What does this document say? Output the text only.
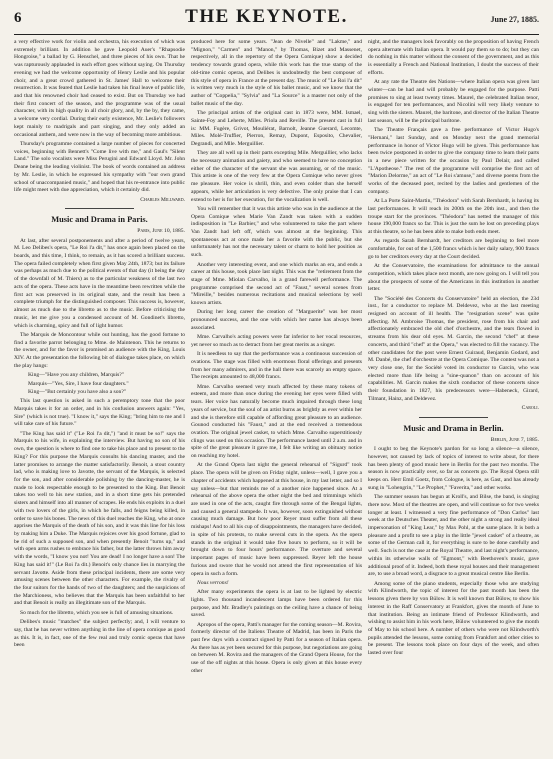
6	THE KEYNOTE.	June 27, 1885.

a very effective work for violin and orchestra, his execution of which was extremely brilliant. In addition he gave Leopold Auer's "Rhapsodie Hongroise," a ballad by G. Henschel, and three pieces of his own. That he was rapturously applauded in each effort goes without saying. On Thursday evening we had the welcome opportunity of Henry Leslie and his popular choir, and a great crowd gathered in St. James' Hall to welcome their resurrection. It was feared that Leslie had taken his final leave of public life, and that his renowned choir had ceased to exist. But on Thursday we had their first concert of the season, and the programme was of the usual character, with its high quality in all choir glory, and, by the by, they came, a welcome very cordial. During their early existence, Mr. Leslie's followers kept mainly to madrigals and part singing, and they only added an occasional anthem, and were now in the way of becoming more ambitious.

Thursday's programme contained a large number of pieces for concerted voices, beginning with Bennett's "Come live with me," and Gaul's "Silent Land." The solo vocalists were Miss Perugini and Edward Lloyd. Mr. John Deane being the leading violinist. The book of words contained an address by Mr. Leslie, in which he expressed his sympathy with "our own grand school of unaccompanied music," and hoped that his re-entrance into public life might meet with due appreciation, which it certainly did.

Charles Millward.

Music and Drama in Paris.

Paris, June 10, 1885.

At last, after several postponements and after a period of twelve years, M. Leo Delibes's opera, "Le Roi l'a dit," has once again been placed on the boards, and this time, I think, to remain, as it has scored a brilliant success. The opera failed completely when first given May 24th, 1873; but its failure was perhaps as much due to the political events of that day (it being the day of the downfall of M. Thiers) as to the particular weakness of the last two acts of the opera. These acts have in the meantime been rewritten while the first act was preserved in its original state, and the result has been a complete triumph for the distinguished composer. This success is, however, almost as much due to the libretto as to the music. Before criticising the music, let me give you a condensed account of M. Gondinet's libretto, which is charming, spicy and full of light humor.

The Marquis de Moncontour while out hunting, has the good fortune to find a favorite parrot belonging to Mme. de Maintenon. This he returns to the owner, and for the favor is promised an audience with the King, Louis XIV. At the presentation the following bit of dialogue takes place, on which the play hangs:

King—"Have you any children, Marquis?"

Marquis—"Yes, Sire, I have four daughters."

King—"But certainly you have also a son?"

This last question is asked in such a peremptory tone that the poor Marquis takes it for an order, and in his confusion answers again: "Yes, Sire" (which is not true). "I know it," says the King; "bring him to me and I will take care of his future."

"The King has said it" ("Le Roi l'a dit,") "and it must be so!" says the Marquis to his wife, in explaining the interview. But having no son of his own, the question is where to find one to take his place and to present to the King? For this purpose the Marquis consults his dancing master, and the latter promises to arrange the matter satisfactorily. Benoit, a stout country lad, who is making love to Javotte, the servant of the Marquis, is selected for the son, and after considerable polishing by the dancing-master, he is made to look respectable enough to be presented to the King. But Benoit takes too well to his new station, and in a short time gets his pretended sisters and himself into all manner of scrapes. He ends his exploits in a duel with two lovers of the girls, in which he falls, and feigns being killed, in order to save his bones. The news of this duel reaches the King, who at once apprises the Marquis of the death of his son, and it was this line for his loss by making him a Duke. The Marquis rejoices over his good fortune, glad to be rid of such a supposed son, and when presently Benoit "turns up," and with open arms rushes to embrace his father, but the latter throws him away with the words, "I know you not! You are dead! I no longer have a son! The King has said it!" (Le Roi l'a dit.) Benoit's only chance lies in marrying the servant Javotte. Aside from these principal incidents, there are some very amusing scenes between the other characters. For example, the rivalry of the four suitors for the hands of two of the daughters; and the suspicions of the Marchioness, who believes that the Marquis has been unfaithful to her and that Benoit is really an illegitimate son of the Marquis.

So much for the libretto, which you see is full of amusing situations.

Delibes's music "matches" the subject perfectly; and, I will venture to say, that he has never written anything in the line of opera comique as good as this. It is, in fact, one of the few real and truly comic operas that have been

produced here for some years. "Jean de Nivelle" and "Lakme," and "Mignon," "Carmen" and "Manon," by Thomas, Bizet and Massenet, respectively, all in the repertory of the Opera Comique) show a decided tendency towards grand opera, while this work has the true stamp of the old-time comic operas, and Delibes is undoubtedly the best composer of this style of opera in France at the present day. The music of "Le Roi l'a dit" is written very much in the style of his ballet music, and we know that the author of "Coppelia," "Sylvia" and "La Source" is a master not only of the ballet music of the day.

The principal artists of the original cast in 1873 were, MM. Ismael, Sainte-Foy and Leherte, Miles. Priola and Reville. The present cast in full is: MM. Fugère, Grivot, Mouliérat, Barnolt, Jeanne Guerard, Lecomte, Miles. Molé-Truffier, Pierron, Remay, Dupont, Esposito, Chevalier, Degrandi, and Mlle. Merguillier.

They are all well up in their parts excepting Mile. Merguillier, who lacks the necessary animation and gaiety, and who seemed to have no conception either of the character of the servant she was assuming, or of the music. This artiste is one of the very few at the Opera Comique who never gives me pleasure. Her voice is shrill, thin, and even colder than she herself appears, while her articulation is very defective. The only praise that I can extend to her is for her execution, for the vocalization is well.

You will remember that it was this artiste who was in the audience at the Opera Comique when Marie Van Zandt was taken with a sudden indisposition in "Le Barbier," and who volunteered to take the part where Van Zandt had left off, which was almost at the beginning. This spontaneous act at once made her a favorite with the public, but she unfortunately has not the necessary talent or charm to hold her position as such.

Another very interesting event, and one which marks an era, and ends a career at this house, took place last night. This was the "retirement from the stage of Mme. Miolan Carvalho, in a grand farewell performance. The programme comprised the second act of "Faust," several scenes from "Mireille," besides numerous recitations and musical selections by well known artists.

During her long career the creation of "Marguerite" was her most pronounced success, and the one with which her name has always been associated.

Mme. Carvalho's acting powers were far inferior to her vocal resources, yet never so much as to detract from her great merits as a singer.

It is needless to say that the performance was a continuous succession of ovations. The stage was filled with enormous floral offerings and presents from her many admirers, and in the hall there was scarcely an empty space. The receipts amounted to 48,000 francs.

Mme. Carvalho seemed very much affected by these many tokens of esteem, and more than once during the evening her eyes were filled with tears. Her voice has naturally become much impaired through these long years of service, but the soul of an artist burns as brightly as ever within her and she is therefore still capable of affording great pleasure to an audience. Gounod conducted his "Faust," and at the end received a tremendous ovation. The original jewel casket, to which Mme. Carvalho superstitiously clings was used on this occasion. The performance lasted until 2 a.m. and in spite of the great pleasure it gave me, I felt like writing an obituary notice on reaching my hotel.

At the Grand Opera last night the general rehearsal of "Sigurd" took place. The opera will be given on Friday night, unless—well, I gave you a chapter of accidents which happened at this house, in my last letter, and so I say unless—but that reminds me of a another nice happened since. At a rehearsal of the above opera the other night the bed and trimmings which are used in one of the acts, caught fire through some of the Bengal lights, and caused a general stampede. It was, however, soon extinguished without causing much damage. But how poor Reyer must suffer from all these mishaps! And to all his cup of disappointments, the managers have decided, in spite of his protests, to make several cuts in the opera. As the opera stands in the original it would take five hours to perform, so it will be brought down to four hours' performance. The overture and several important pages of music have been suppressed. Reyer left the house furious and swore that he would not attend the first representation of his opera in such a form.

Nous verrons!

After many experiments the opera is at last to be lighted by electric lights. Two thousand incandescent lamps have been ordered for this purpose, and Mr. Bradley's paintings on the ceiling have a chance of being saved.

Apropos of the opera, Patti's manager for the coming season—M. Rovira, formerly director of the Italiens Theatre of Madrid, has been in Paris the past few days with a contract signed by Patti for a season of Italian opera. As there has as yet been secured for this purpose, but negotiations are going on between M. Rovira and the managers of the Grand Opera House, for the use of the off nights at this house. Opera is only given at this house every other

night, and the managers look favorably on the proposition of having French opera alternate with Italian opera. It would pay them so to do; but they can do nothing in this matter without the consent of the government, and as this is essentially a French and National Institution, I doubt the success of their efforts.

At any rate the Theatre des Nations—where Italian opera was given last winter—can be had and will probably be engaged for the purpose. Patti promises to sing at least twenty times. Maurel, the celebrated Italian tenor, is engaged for ten performances, and Nicolini will very likely venture to sing with the sisters. Maurel, the baritone, and director of the Italian Theatre last season, will be the principal baritone.

The Theatre Français gave a free performance of Victor Hugo's "Hernani," last Sunday, and on Monday next the grand memorial performance in honor of Victor Hugo will be given. This performance has been twice postponed in order to give the company time to learn their parts in a new piece written for the occasion by Paul Delair, and called "L'Apotheose." The rest of the programme will comprise the first act of "Marion Delorme," an act of "Le Roi s'amuse," and diverse poems from the works of the deceased poet, recited by the ladies and gentlemen of the company.

At La Porte Saint-Martin, "Théodora" with Sarah Bernhardt, is having its last performances. It will reach its 200th on the 20th inst., and then the troupe start for the provinces. "Théodora" has netted the manager of this house 190,000 francs so far. This is just the sum he lost on preceding plays at this theatre, so he has been able to make both ends meet.

As regards Sarah Bernhardt, her creditors are beginning to feel more comfortable, for out of the 1,500 francs which is her daily salary, 900 francs go to her creditors every day at the Court decided.

At the Conservatoire, the examinations for admittance to the annual competition, which takes place next month, are now going on. I will tell you about the prospects of some of the Americans in this institution in another letter.

The "Société des Concerts du Conservatoire" held an election, the 23d inst., for a conductor to replace M. Deldevez, who at the last meeting resigned on account of ill health. The "resignation scene" was quite affecting. M. Ambroise Thomas, the president, rose from his chair and affectionately embraced the old chef d'orchestre, and the tears flowed in streams from his dear old eyes. M. Garcin, the second "chef" at these concerts, and third "chef" at the Opera," was elected to fill the vacancy. The other candidates for the post were Ernest Guiraud, Benjamin Godard, and M. Danbé, the chef d'orchestre at the Opera Comique. The contest was not a very close one, for the Société voted its conductor to Garcin, who was elected more than life being a "sine-quanon" than on account of his capabilities. M. Garcin makes the sixth conductor of these concerts since their foundation in 1827, his predecessors were—Habeneck, Girard, Tilmant, Hainz, and Deldevez.

Caroli.

Music and Drama in Berlin.

Berlin, June 7, 1885.

I ought to beg the Keynote's pardon for so long a silence—a silence, however, not caused by lack of topics of interest to write about, for there has been plenty of good music here in Berlin for the past two months. The season is now practically over, so far as concerts go. The Royal Opera still keeps on. Herr Emil Goetz, from Cologne, is here, as Gast, and has already sung in "Lohengrin," "Le Prophet," "Faverita," and other works.

The summer season has begun at Kroll's, and Bilse, the band, is singing there now. Most of the theatres are open, and will continue so for two weeks longer at least. I witnessed a very fine performance of "Don Carlos" last week at the Deutsches Theater, and the other night a strong and really ideal impersonation of "King Lear," by Max Pohl, at the same place. It is both a pleasure and a profit to see a play in the little "jewel casket" of a theatre, as some of the German call it, for everything is sure to be done carefully and well. Such is not the case at the Royal Theatre, and last night's performance, within its otherwise walls of "Egmont," with Beethoven's music, gave additional proof of it. Indeed, both these royal houses and their management are, to use a broad word, a disgrace to a great musical centre like Berlin.

Among some of the piano students, especially those who are studying with Klindworth, the topic of interest for the past month has been the lessons given there by von Bülow. It is well known that Bülow, to show his interest in the Raff Conservatory at Frankfort, gives the month of June to that institution. Being an intimate friend of Professor Klindworth, and wishing to assist him in his work here, Bülow volunteered to give the month of May to his school here. A number of others who were not Klindworth's pupils attended the lessons, some coming from Frankfort and other cities to be present. The lessons took place on four days of the week, and often lasted over four
